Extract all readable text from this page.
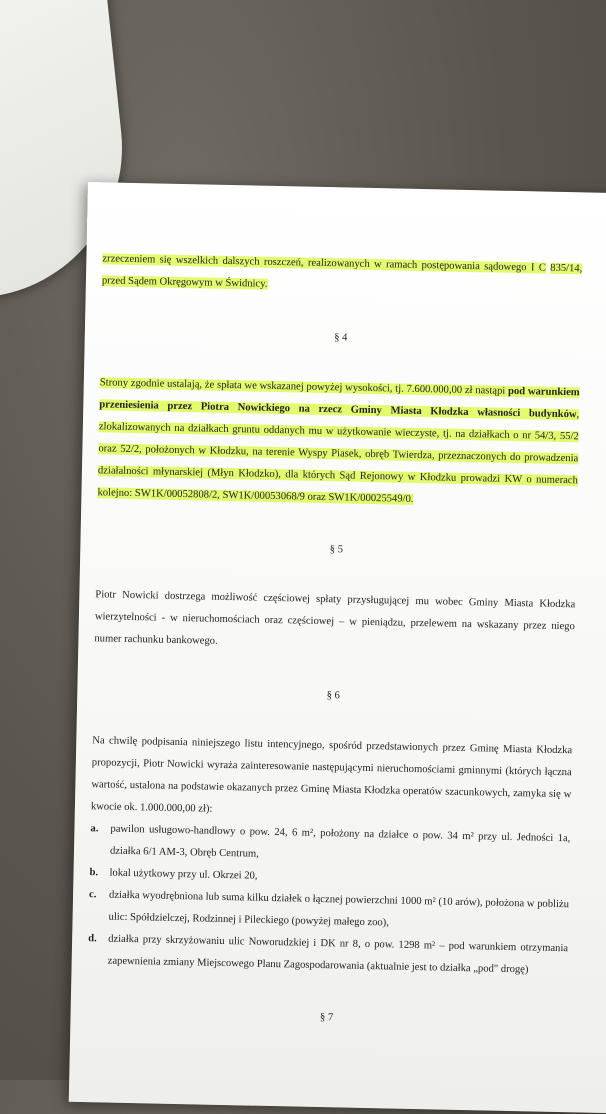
zrzeczeniem się wszelkich dalszych roszczeń, realizowanych w ramach postępowania sądowego I C 835/14, przed Sądem Okręgowym w Świdnicy.

§ 4

Strony zgodnie ustalają, że spłata we wskazanej powyżej wysokości, tj. 7.600.000,00 zł nastąpi pod warunkiem przeniesienia przez Piotra Nowickiego na rzecz Gminy Miasta Kłodzka własności budynków, zlokalizowanych na działkach gruntu oddanych mu w użytkowanie wieczyste, tj. na działkach o nr 54/3, 55/2 oraz 52/2, położonych w Kłodzku, na terenie Wyspy Piasek, obręb Twierdza, przeznaczonych do prowadzenia działalności młynarskiej (Młyn Kłodzko), dla których Sąd Rejonowy w Kłodzku prowadzi KW o numerach kolejno: SW1K/00052808/2, SW1K/00053068/9 oraz SW1K/00025549/0.

§ 5

Piotr Nowicki dostrzega możliwość częściowej spłaty przysługującej mu wobec Gminy Miasta Kłodzka wierzytelności - w nieruchomościach oraz częściowej – w pieniądzu, przelewem na wskazany przez niego numer rachunku bankowego.

§ 6

Na chwilę podpisania niniejszego listu intencyjnego, spośród przedstawionych przez Gminę Miasta Kłodzka propozycji, Piotr Nowicki wyraża zainteresowanie następującymi nieruchomościami gminnymi (których łączna wartość, ustalona na podstawie okazanych przez Gminę Miasta Kłodzka operatów szacunkowych, zamyka się w kwocie ok. 1.000.000,00 zł):

a. pawilon usługowo-handlowy o pow. 24, 6 m², położony na działce o pow. 34 m² przy ul. Jedności 1a, działka 6/1 AM-3, Obręb Centrum,
b. lokal użytkowy przy ul. Okrzei 20,
c. działka wyodrębniona lub suma kilku działek o łącznej powierzchni 1000 m² (10 arów), położona w pobliżu ulic: Spółdzielczej, Rodzinnej i Pileckiego (powyżej małego zoo),
d. działka przy skrzyżowaniu ulic Noworudzkiej i DK nr 8, o pow. 1298 m² – pod warunkiem otrzymania zapewnienia zmiany Miejscowego Planu Zagospodarowania (aktualnie jest to działka „pod" drogę)
§ 7
